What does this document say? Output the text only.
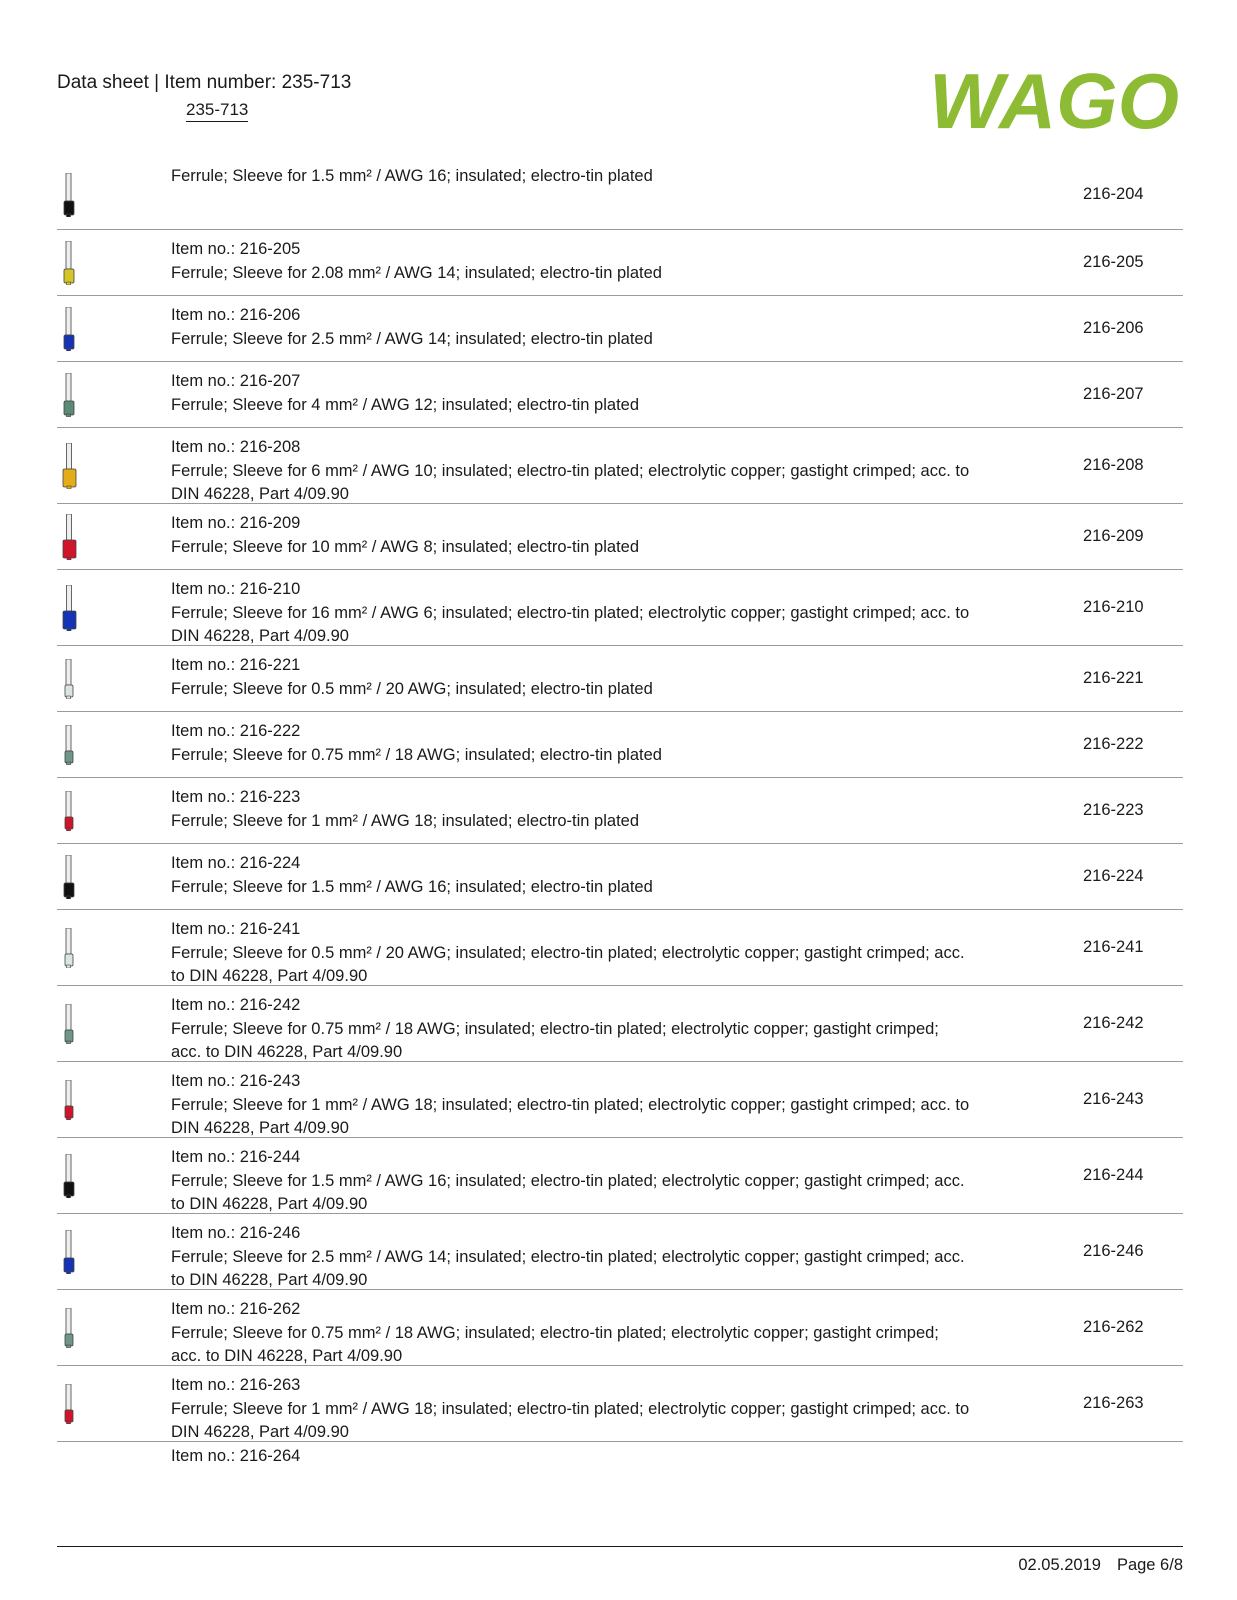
Data sheet | Item number: 235-713
235-713	WAGO
Ferrule; Sleeve for 1.5 mm² / AWG 16; insulated; electro-tin plated
216-204
Item no.: 216-205
Ferrule; Sleeve for 2.08 mm² / AWG 14; insulated; electro-tin plated
216-205
Item no.: 216-206
Ferrule; Sleeve for 2.5 mm² / AWG 14; insulated; electro-tin plated
216-206
Item no.: 216-207
Ferrule; Sleeve for 4 mm² / AWG 12; insulated; electro-tin plated
216-207
Item no.: 216-208
Ferrule; Sleeve for 6 mm² / AWG 10; insulated; electro-tin plated; electrolytic copper; gastight crimped; acc. to DIN 46228, Part 4/09.90
216-208
Item no.: 216-209
Ferrule; Sleeve for 10 mm² / AWG 8; insulated; electro-tin plated
216-209
Item no.: 216-210
Ferrule; Sleeve for 16 mm² / AWG 6; insulated; electro-tin plated; electrolytic copper; gastight crimped; acc. to DIN 46228, Part 4/09.90
216-210
Item no.: 216-221
Ferrule; Sleeve for 0.5 mm² / 20 AWG; insulated; electro-tin plated
216-221
Item no.: 216-222
Ferrule; Sleeve for 0.75 mm² / 18 AWG; insulated; electro-tin plated
216-222
Item no.: 216-223
Ferrule; Sleeve for 1 mm² / AWG 18; insulated; electro-tin plated
216-223
Item no.: 216-224
Ferrule; Sleeve for 1.5 mm² / AWG 16; insulated; electro-tin plated
216-224
Item no.: 216-241
Ferrule; Sleeve for 0.5 mm² / 20 AWG; insulated; electro-tin plated; electrolytic copper; gastight crimped; acc. to DIN 46228, Part 4/09.90
216-241
Item no.: 216-242
Ferrule; Sleeve for 0.75 mm² / 18 AWG; insulated; electro-tin plated; electrolytic copper; gastight crimped; acc. to DIN 46228, Part 4/09.90
216-242
Item no.: 216-243
Ferrule; Sleeve for 1 mm² / AWG 18; insulated; electro-tin plated; electrolytic copper; gastight crimped; acc. to DIN 46228, Part 4/09.90
216-243
Item no.: 216-244
Ferrule; Sleeve for 1.5 mm² / AWG 16; insulated; electro-tin plated; electrolytic copper; gastight crimped; acc. to DIN 46228, Part 4/09.90
216-244
Item no.: 216-246
Ferrule; Sleeve for 2.5 mm² / AWG 14; insulated; electro-tin plated; electrolytic copper; gastight crimped; acc. to DIN 46228, Part 4/09.90
216-246
Item no.: 216-262
Ferrule; Sleeve for 0.75 mm² / 18 AWG; insulated; electro-tin plated; electrolytic copper; gastight crimped; acc. to DIN 46228, Part 4/09.90
216-262
Item no.: 216-263
Ferrule; Sleeve for 1 mm² / AWG 18; insulated; electro-tin plated; electrolytic copper; gastight crimped; acc. to DIN 46228, Part 4/09.90
216-263
Item no.: 216-264
02.05.2019 Page 6/8
